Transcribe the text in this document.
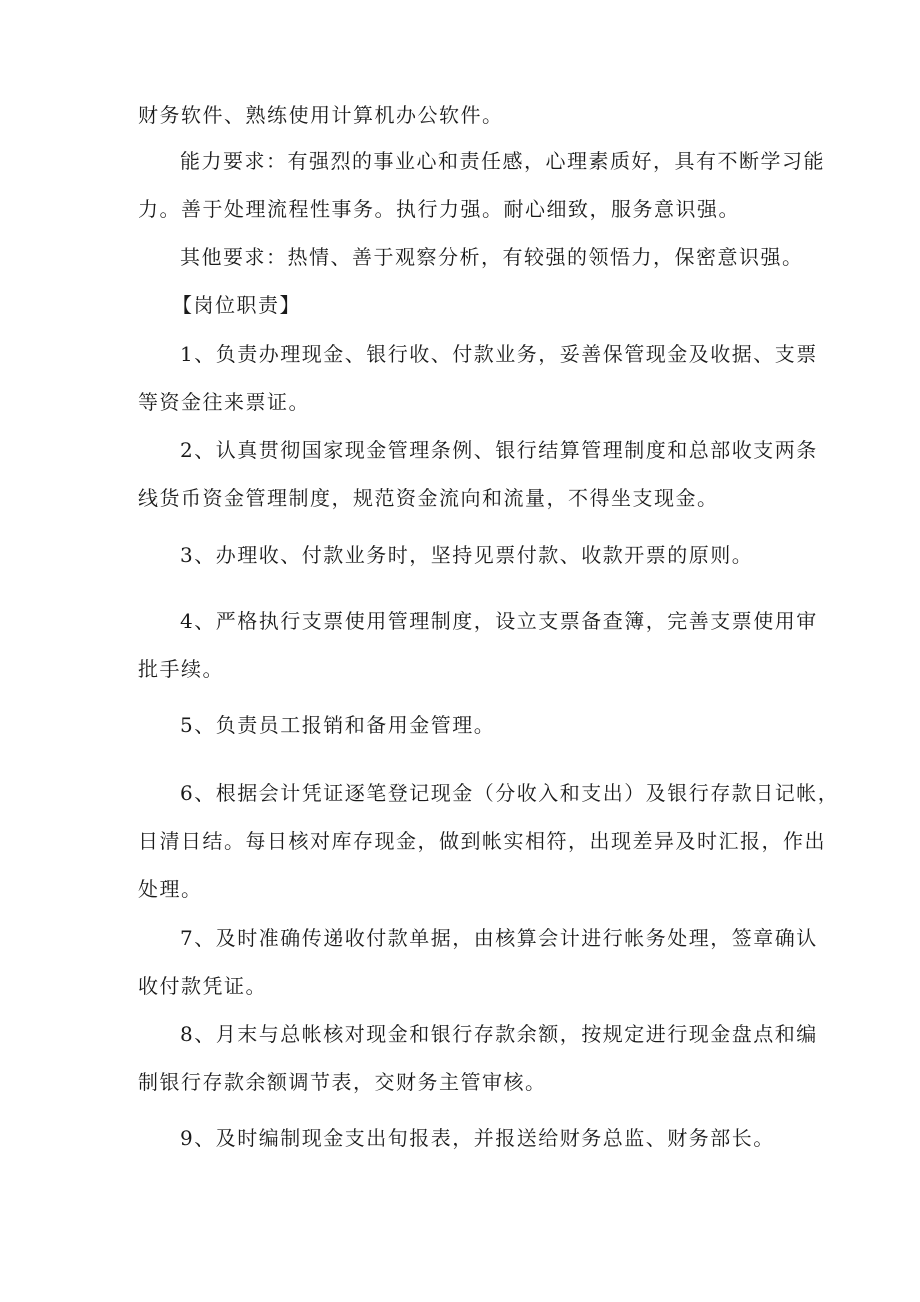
财务软件、熟练使用计算机办公软件。
能力要求：有强烈的事业心和责任感，心理素质好，具有不断学习能
力。善于处理流程性事务。执行力强。耐心细致，服务意识强。
其他要求：热情、善于观察分析，有较强的领悟力，保密意识强。
【岗位职责】
1、负责办理现金、银行收、付款业务，妥善保管现金及收据、支票
等资金往来票证。
2、认真贯彻国家现金管理条例、银行结算管理制度和总部收支两条
线货币资金管理制度，规范资金流向和流量，不得坐支现金。
3、办理收、付款业务时，坚持见票付款、收款开票的原则。
4、严格执行支票使用管理制度，设立支票备查簿，完善支票使用审
批手续。
5、负责员工报销和备用金管理。
6、根据会计凭证逐笔登记现金（分收入和支出）及银行存款日记帐，
日清日结。每日核对库存现金，做到帐实相符，出现差异及时汇报，作出
处理。
7、及时准确传递收付款单据，由核算会计进行帐务处理，签章确认
收付款凭证。
8、月末与总帐核对现金和银行存款余额，按规定进行现金盘点和编
制银行存款余额调节表，交财务主管审核。
9、及时编制现金支出旬报表，并报送给财务总监、财务部长。
